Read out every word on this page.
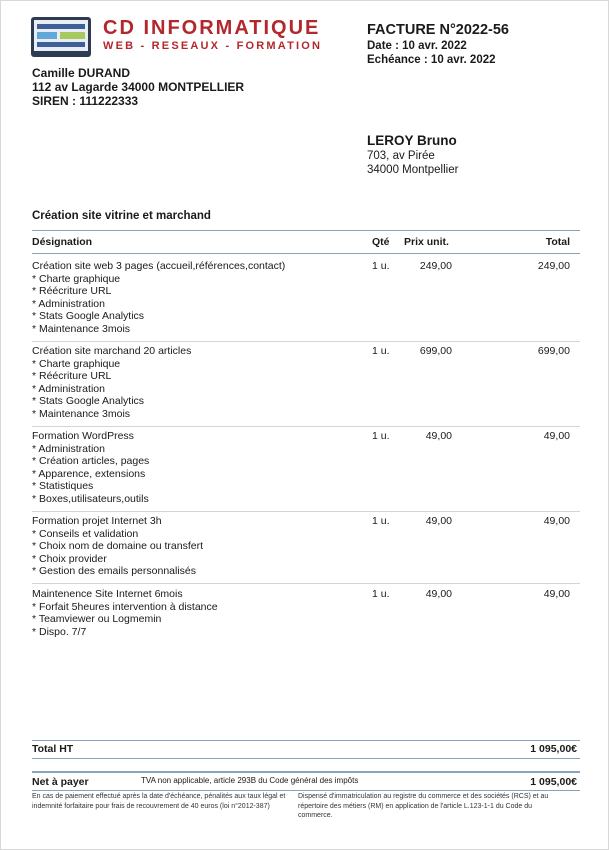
CD INFORMATIQUE
WEB - RESEAUX - FORMATION
FACTURE N°2022-56
Date : 10 avr. 2022
Echéance : 10 avr. 2022
Camille DURAND
112 av Lagarde 34000 MONTPELLIER
SIREN : 111222333
LEROY Bruno
703, av Pirée
34000 Montpellier
Création site vitrine et marchand
Désignation	Qté Prix unit.	Total
Création site web 3 pages (accueil,références,contact)
* Charte graphique
* Réécriture URL
* Administration
* Stats Google Analytics
* Maintenance 3mois
1 u.	249,00	249,00
Création site marchand 20 articles
* Charte graphique
* Réécriture URL
* Administration
* Stats Google Analytics
* Maintenance 3mois
1 u.	699,00	699,00
Formation WordPress
* Administration
* Création articles, pages
* Apparence, extensions
* Statistiques
* Boxes,utilisateurs,outils
1 u.	49,00	49,00
Formation projet Internet 3h
* Conseils et validation
* Choix nom de domaine ou transfert
* Choix provider
* Gestion des emails personnalisés
1 u.	49,00	49,00
Maintenence Site Internet 6mois
* Forfait 5heures intervention à distance
* Teamviewer ou Logmemin
* Dispo. 7/7
1 u.	49,00	49,00
Total HT	1 095,00€
Net à payer	TVA non applicable, article 293B du Code général des impôts	1 095,00€
En cas de paiement effectué après la date d'échéance, pénalités aux taux légal et indemnité forfaitaire pour frais de recouvrement de 40 euros (loi n°2012-387)
Dispensé d'immatriculation au registre du commerce et des sociétés (RCS) et au répertoire des métiers (RM) en application de l'article L.123-1-1 du Code du commerce.
